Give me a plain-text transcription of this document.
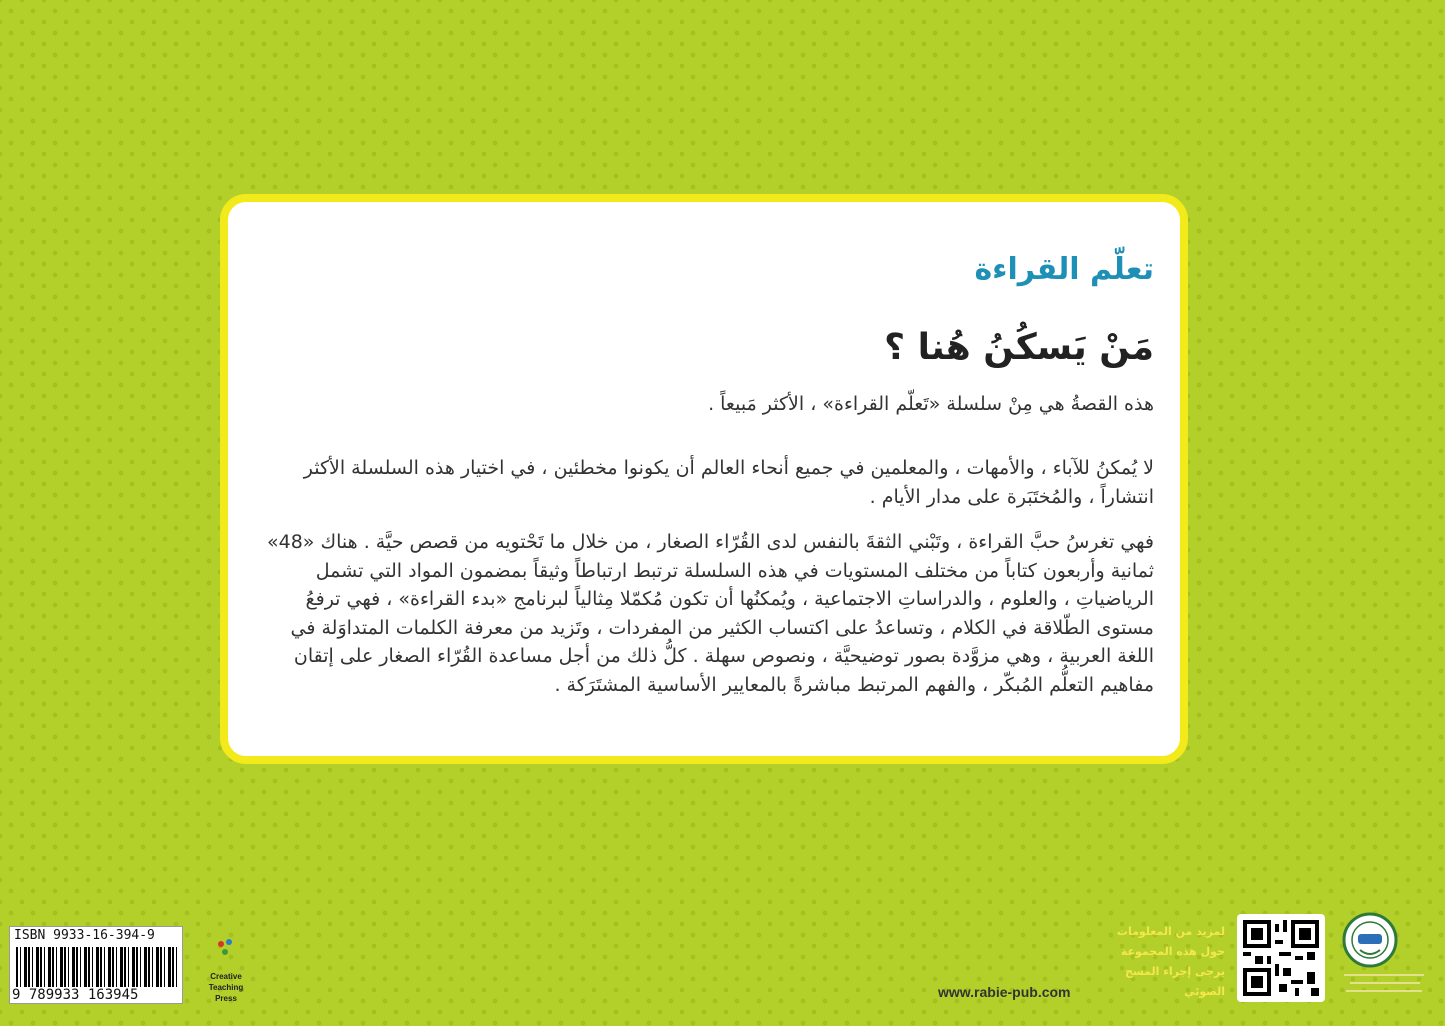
تعلّم القراءة
مَنْ يَسكُنُ هُنا ؟

هذه القصةُ هي مِنْ سلسلة «تَعلّم القراءة» ، الأكثر مَبيعاً .

لا يُمكنُ للآباء ، والأمهات ، والمعلمين في جميع أنحاء العالم أن يكونوا مخطئين ، في اختيار هذه السلسلة الأكثر انتشاراً ، والمُختَبَرة على مدار الأيام .

فهي تغرسُ حبَّ القراءة ، وتَبْني الثقةَ بالنفس لدى القُرّاء الصغار ، من خلال ما تَحْتويه من قصص حيَّة . هناك «48» ثمانية وأربعون كتاباً من مختلف المستويات في هذه السلسلة ترتبط ارتباطاً وثيقاً بمضمون المواد التي تشمل الرياضياتِ ، والعلوم ، والدراساتِ الاجتماعية ، ويُمكنُها أن تكون مُكمّلا مِثالياً لبرنامج «بدء القراءة» ، فهي ترفعُ مستوى الطّلاقة في الكلام ، وتساعدُ على اكتساب الكثير من المفردات ، وتَزيد من معرفة الكلمات المتداوَلة في اللغة العربية ، وهي مزوَّدة بصور توضيحيَّة ، ونصوص سهلة . كلُّ ذلك من أجل مساعدة القُرّاء الصغار على إتقان مفاهيم التعلُّم المُبكّر ، والفهم المرتبط مباشرةً بالمعايير الأساسية المشتَرَكة .

ISBN 9933-16-394-9
9 789933 163945
Creative
Teaching
Press	www.rabie-pub.com
لمزيد من المعلومات
حول هذه المجموعة
يرجى إجراء المسح
الضوئي
